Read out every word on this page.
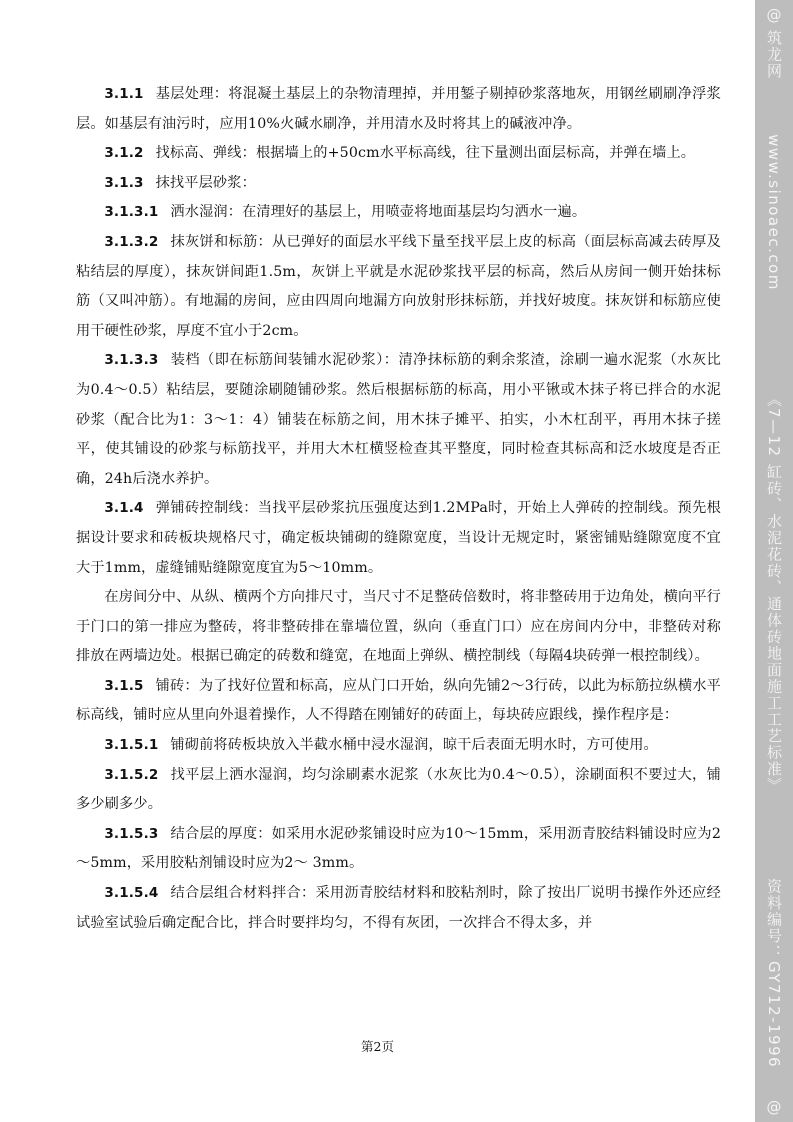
3.1.1 基层处理：将混凝土基层上的杂物清理掉，并用錾子剔掉砂浆落地灰，用钢丝刷刷净浮浆层。如基层有油污时，应用10%火碱水刷净，并用清水及时将其上的碱液冲净。

3.1.2 找标高、弹线：根据墙上的+50cm水平标高线，往下量测出面层标高，并弹在墙上。

3.1.3 抹找平层砂浆：

3.1.3.1 洒水湿润：在清理好的基层上，用喷壶将地面基层均匀洒水一遍。

3.1.3.2 抹灰饼和标筋：从已弹好的面层水平线下量至找平层上皮的标高（面层标高减去砖厚及粘结层的厚度），抹灰饼间距1.5m，灰饼上平就是水泥砂浆找平层的标高，然后从房间一侧开始抹标筋（又叫冲筋）。有地漏的房间，应由四周向地漏方向放射形抹标筋，并找好坡度。抹灰饼和标筋应使用干硬性砂浆，厚度不宜小于2cm。

3.1.3.3 装档（即在标筋间装铺水泥砂浆）：清净抹标筋的剩余浆渣，涂刷一遍水泥浆（水灰比为0.4～0.5）粘结层，要随涂刷随铺砂浆。然后根据标筋的标高，用小平锹或木抹子将已拌合的水泥砂浆（配合比为1：3～1：4）铺装在标筋之间，用木抹子摊平、拍实，小木杠刮平，再用木抹子搓平，使其铺设的砂浆与标筋找平，并用大木杠横竖检查其平整度，同时检查其标高和泛水坡度是否正确，24h后浇水养护。

3.1.4 弹铺砖控制线：当找平层砂浆抗压强度达到1.2MPa时，开始上人弹砖的控制线。预先根据设计要求和砖板块规格尺寸，确定板块铺砌的缝隙宽度，当设计无规定时，紧密铺贴缝隙宽度不宜大于1mm，虚缝铺贴缝隙宽度宜为5～10mm。

在房间分中、从纵、横两个方向排尺寸，当尺寸不足整砖倍数时，将非整砖用于边角处，横向平行于门口的第一排应为整砖，将非整砖排在靠墙位置，纵向（垂直门口）应在房间内分中，非整砖对称排放在两墙边处。根据已确定的砖数和缝宽，在地面上弹纵、横控制线（每隔4块砖弹一根控制线）。

3.1.5 铺砖：为了找好位置和标高，应从门口开始，纵向先铺2～3行砖，以此为标筋拉纵横水平标高线，铺时应从里向外退着操作，人不得踏在刚铺好的砖面上，每块砖应跟线，操作程序是：

3.1.5.1 铺砌前将砖板块放入半截水桶中浸水湿润，晾干后表面无明水时，方可使用。

3.1.5.2 找平层上洒水湿润，均匀涂刷素水泥浆（水灰比为0.4～0.5），涂刷面积不要过大，铺多少刷多少。

3.1.5.3 结合层的厚度：如采用水泥砂浆铺设时应为10～15mm，采用沥青胶结料铺设时应为2～5mm，采用胶粘剂铺设时应为2～ 3mm。

3.1.5.4 结合层组合材料拌合：采用沥青胶结材料和胶粘剂时，除了按出厂说明书操作外还应经试验室试验后确定配合比，拌合时要拌均匀，不得有灰团，一次拌合不得太多，并

第2页
@
筑龙网  www.sinoaec.com  《7—12 缸砖、水泥花砖、通体砖地面施工工艺标准》  资料编号：GY712-1996
@
